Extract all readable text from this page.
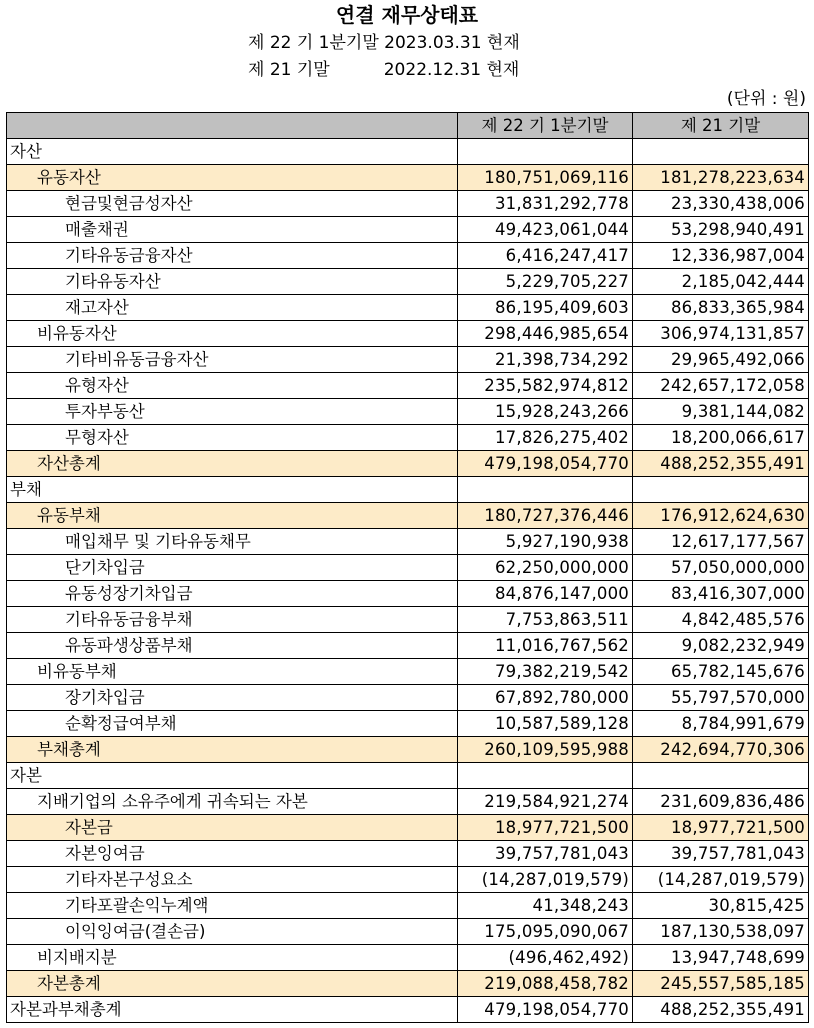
연결 재무상태표
제 22 기 1분기말 2023.03.31 현재
제 21 기말          2022.12.31 현재
(단위 : 원)
	제 22 기 1분기말	제 21 기말
자산		
유동자산	180,751,069,116	181,278,223,634
현금및현금성자산	31,831,292,778	23,330,438,006
매출채권	49,423,061,044	53,298,940,491
기타유동금융자산	6,416,247,417	12,336,987,004
기타유동자산	5,229,705,227	2,185,042,444
재고자산	86,195,409,603	86,833,365,984
비유동자산	298,446,985,654	306,974,131,857
기타비유동금융자산	21,398,734,292	29,965,492,066
유형자산	235,582,974,812	242,657,172,058
투자부동산	15,928,243,266	9,381,144,082
무형자산	17,826,275,402	18,200,066,617
자산총계	479,198,054,770	488,252,355,491
부채		
유동부채	180,727,376,446	176,912,624,630
매입채무 및 기타유동채무	5,927,190,938	12,617,177,567
단기차입금	62,250,000,000	57,050,000,000
유동성장기차입금	84,876,147,000	83,416,307,000
기타유동금융부채	7,753,863,511	4,842,485,576
유동파생상품부채	11,016,767,562	9,082,232,949
비유동부채	79,382,219,542	65,782,145,676
장기차입금	67,892,780,000	55,797,570,000
순확정급여부채	10,587,589,128	8,784,991,679
부채총계	260,109,595,988	242,694,770,306
자본		
지배기업의 소유주에게 귀속되는 자본	219,584,921,274	231,609,836,486
자본금	18,977,721,500	18,977,721,500
자본잉여금	39,757,781,043	39,757,781,043
기타자본구성요소	(14,287,019,579)	(14,287,019,579)
기타포괄손익누계액	41,348,243	30,815,425
이익잉여금(결손금)	175,095,090,067	187,130,538,097
비지배지분	(496,462,492)	13,947,748,699
자본총계	219,088,458,782	245,557,585,185
자본과부채총계	479,198,054,770	488,252,355,491
